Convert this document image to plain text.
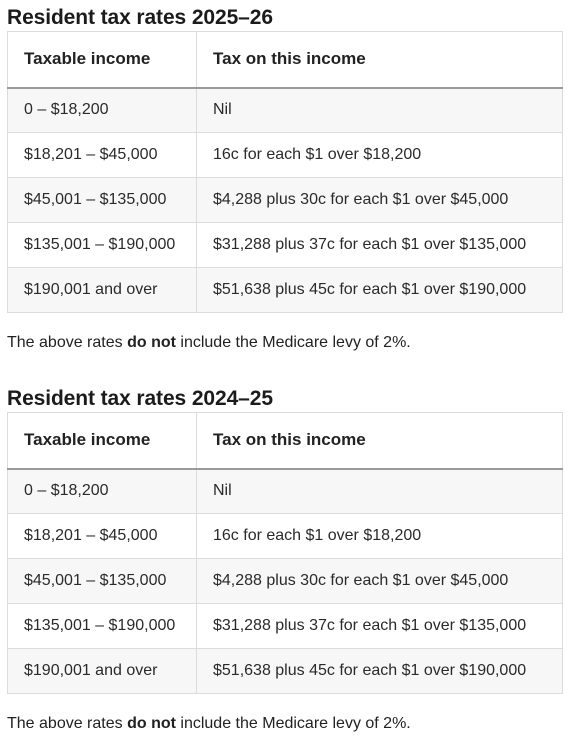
Resident tax rates 2025–26
Taxable income	Tax on this income
0 – $18,200	Nil
$18,201 – $45,000	16c for each $1 over $18,200
$45,001 – $135,000	$4,288 plus 30c for each $1 over $45,000
$135,001 – $190,000	$31,288 plus 37c for each $1 over $135,000
$190,001 and over	$51,638 plus 45c for each $1 over $190,000

The above rates do not include the Medicare levy of 2%.

Resident tax rates 2024–25
Taxable income	Tax on this income
0 – $18,200	Nil
$18,201 – $45,000	16c for each $1 over $18,200
$45,001 – $135,000	$4,288 plus 30c for each $1 over $45,000
$135,001 – $190,000	$31,288 plus 37c for each $1 over $135,000
$190,001 and over	$51,638 plus 45c for each $1 over $190,000

The above rates do not include the Medicare levy of 2%.
